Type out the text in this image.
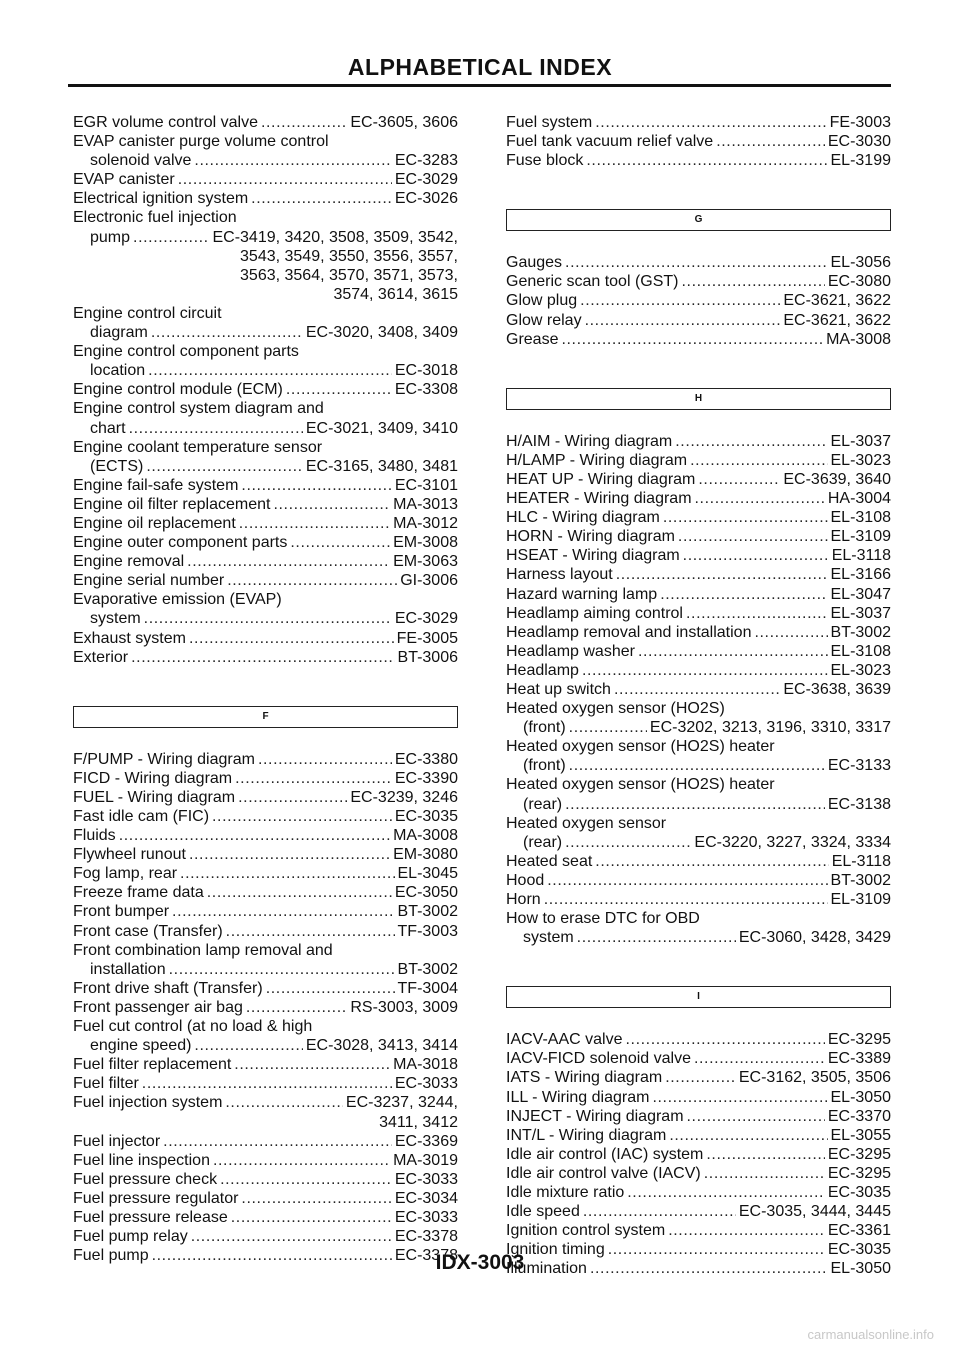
ALPHABETICAL INDEX
EGR volume control valve .....	EC-3605, 3606
EVAP canister purge volume control
solenoid valve .....	EC-3283
EVAP canister .....	EC-3029
Electrical ignition system .....	EC-3026
Electronic fuel injection
pump .....	EC-3419, 3420, 3508, 3509, 3542,
3543, 3549, 3550, 3556, 3557,
3563, 3564, 3570, 3571, 3573,
3574, 3614, 3615
Engine control circuit
diagram .....	EC-3020, 3408, 3409
Engine control component parts
location .....	EC-3018
Engine control module (ECM) .....	EC-3308
Engine control system diagram and
chart .....	EC-3021, 3409, 3410
Engine coolant temperature sensor
(ECTS) .....	EC-3165, 3480, 3481
Engine fail-safe system .....	EC-3101
Engine oil filter replacement .....	MA-3013
Engine oil replacement .....	MA-3012
Engine outer component parts .....	EM-3008
Engine removal .....	EM-3063
Engine serial number .....	GI-3006
Evaporative emission (EVAP)
system .....	EC-3029
Exhaust system .....	FE-3005
Exterior .....	BT-3006
F
F/PUMP - Wiring diagram .....	EC-3380
FICD - Wiring diagram .....	EC-3390
FUEL - Wiring diagram .....	EC-3239, 3246
Fast idle cam (FIC) .....	EC-3035
Fluids .....	MA-3008
Flywheel runout .....	EM-3080
Fog lamp, rear .....	EL-3045
Freeze frame data .....	EC-3050
Front bumper .....	BT-3002
Front case (Transfer) .....	TF-3003
Front combination lamp removal and
installation .....	BT-3002
Front drive shaft (Transfer) .....	TF-3004
Front passenger air bag .....	RS-3003, 3009
Fuel cut control (at no load & high
engine speed) .....	EC-3028, 3413, 3414
Fuel filter replacement .....	MA-3018
Fuel filter .....	EC-3033
Fuel injection system .....	EC-3237, 3244,
3411, 3412
Fuel injector .....	EC-3369
Fuel line inspection .....	MA-3019
Fuel pressure check .....	EC-3033
Fuel pressure regulator .....	EC-3034
Fuel pressure release .....	EC-3033
Fuel pump relay .....	EC-3378
Fuel pump .....	EC-3378
Fuel system .....	FE-3003
Fuel tank vacuum relief valve .....	EC-3030
Fuse block .....	EL-3199
G
Gauges .....	EL-3056
Generic scan tool (GST) .....	EC-3080
Glow plug .....	EC-3621, 3622
Glow relay .....	EC-3621, 3622
Grease .....	MA-3008
H
H/AIM - Wiring diagram .....	EL-3037
H/LAMP - Wiring diagram .....	EL-3023
HEAT UP - Wiring diagram .....	EC-3639, 3640
HEATER - Wiring diagram .....	HA-3004
HLC - Wiring diagram .....	EL-3108
HORN - Wiring diagram .....	EL-3109
HSEAT - Wiring diagram .....	EL-3118
Harness layout .....	EL-3166
Hazard warning lamp .....	EL-3047
Headlamp aiming control .....	EL-3037
Headlamp removal and installation .....	BT-3002
Headlamp washer .....	EL-3108
Headlamp .....	EL-3023
Heat up switch .....	EC-3638, 3639
Heated oxygen sensor (HO2S)
(front) .....	EC-3202, 3213, 3196, 3310, 3317
Heated oxygen sensor (HO2S) heater
(front) .....	EC-3133
Heated oxygen sensor (HO2S) heater
(rear) .....	EC-3138
Heated oxygen sensor
(rear) .....	EC-3220, 3227, 3324, 3334
Heated seat .....	EL-3118
Hood .....	BT-3002
Horn .....	EL-3109
How to erase DTC for OBD
system .....	EC-3060, 3428, 3429
I
IACV-AAC valve .....	EC-3295
IACV-FICD solenoid valve .....	EC-3389
IATS - Wiring diagram .....	EC-3162, 3505, 3506
ILL - Wiring diagram .....	EL-3050
INJECT - Wiring diagram .....	EC-3370
INT/L - Wiring diagram .....	EL-3055
Idle air control (IAC) system .....	EC-3295
Idle air control valve (IACV) .....	EC-3295
Idle mixture ratio .....	EC-3035
Idle speed .....	EC-3035, 3444, 3445
Ignition control system .....	EC-3361
Ignition timing .....	EC-3035
Illumination .....	EL-3050
IDX-3003
carmanualsonline.info
